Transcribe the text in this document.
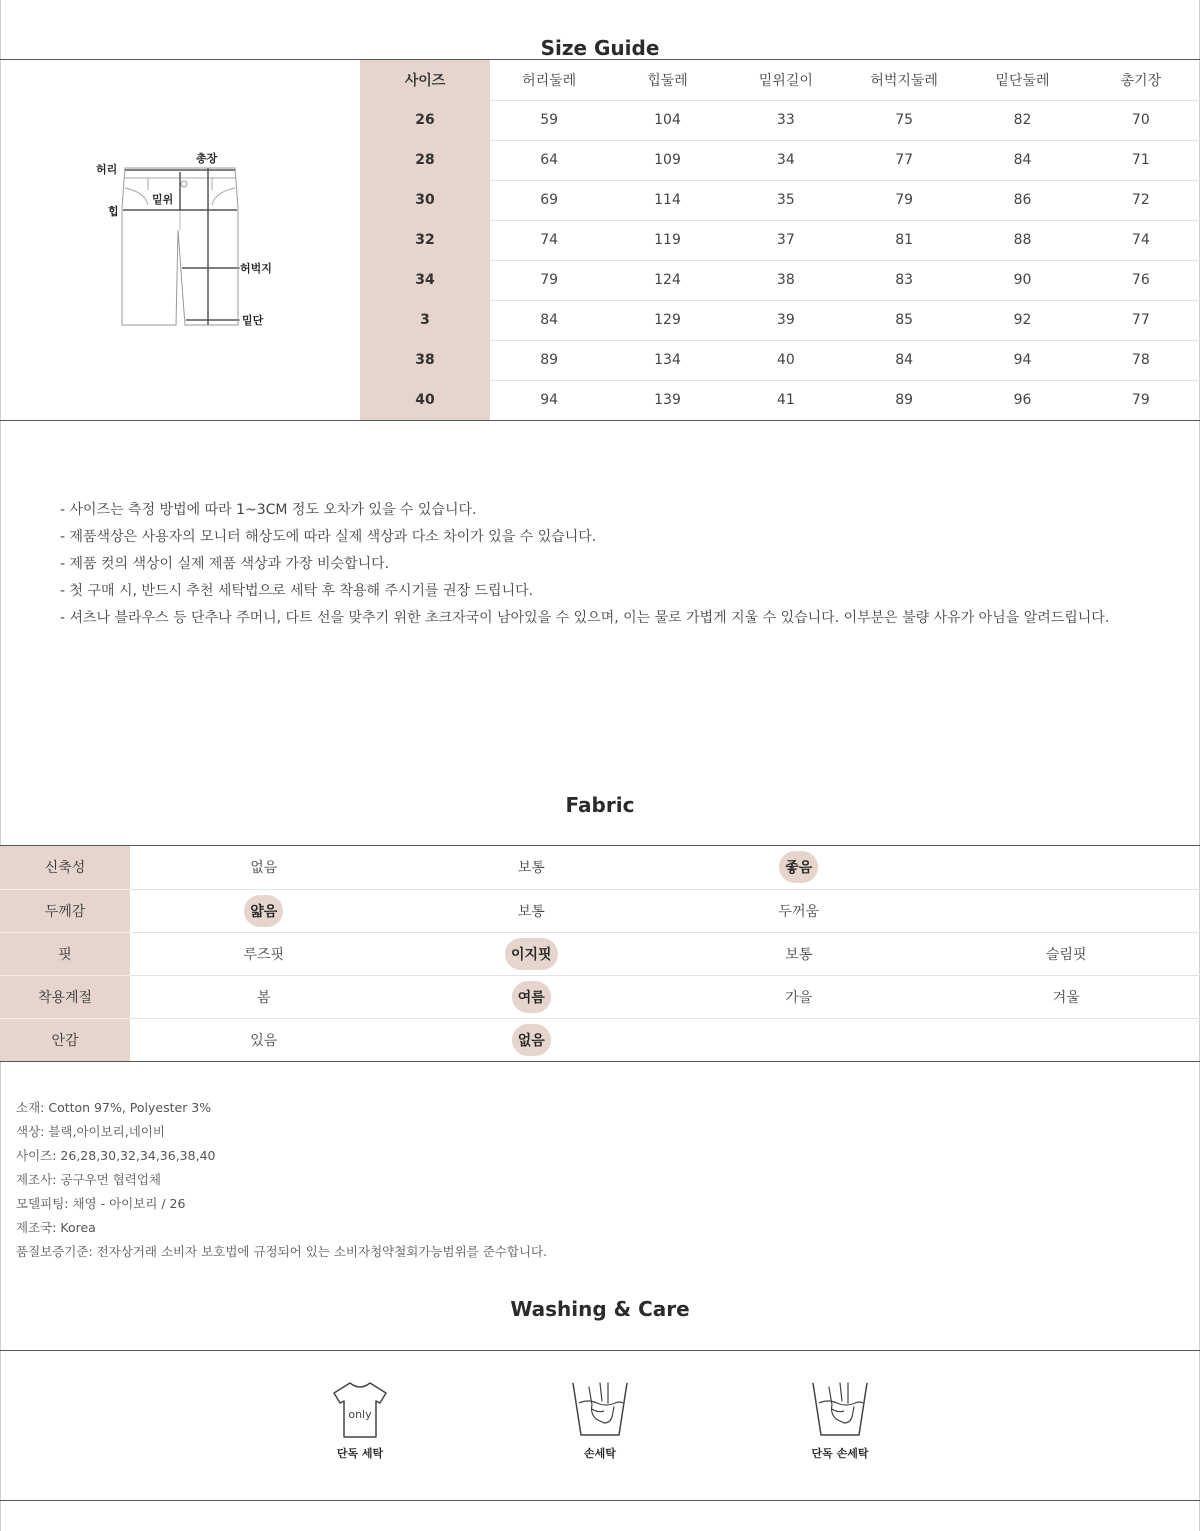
Size Guide
허리
총장
힙
밑위
허벅지
밑단
사이즈	허리둘레	힙둘레	밑위길이	허벅지둘레	밑단둘레	총기장
26	59	104	33	75	82	70
28	64	109	34	77	84	71
30	69	114	35	79	86	72
32	74	119	37	81	88	74
34	79	124	38	83	90	76
3	84	129	39	85	92	77
38	89	134	40	84	94	78
40	94	139	41	89	96	79
- 사이즈는 측정 방법에 따라 1~3CM 정도 오차가 있을 수 있습니다.
- 제품색상은 사용자의 모니터 해상도에 따라 실제 색상과 다소 차이가 있을 수 있습니다.
- 제품 컷의 색상이 실제 제품 색상과 가장 비슷합니다.
- 첫 구매 시, 반드시 추천 세탁법으로 세탁 후 착용해 주시기를 권장 드립니다.
- 셔츠나 블라우스 등 단추나 주머니, 다트 선을 맞추기 위한 초크자국이 남아있을 수 있으며, 이는 물로 가볍게 지울 수 있습니다. 이부분은 불량 사유가 아님을 알려드립니다.
Fabric
신축성	없음	보통	좋음	
두께감	얇음	보통	두꺼움	
핏	루즈핏	이지핏	보통	슬림핏
착용계절	봄	여름	가을	겨울
안감	있음	없음		
소재: Cotton 97%, Polyester 3%
색상: 블랙,아이보리,네이비
사이즈: 26,28,30,32,34,36,38,40
제조사: 공구우먼 협력업체
모델피팅: 채영 - 아이보리 / 26
제조국: Korea
품질보증기준: 전자상거래 소비자 보호법에 규정되어 있는 소비자청약철회가능범위를 준수합니다.
Washing & Care
only
단독 세탁	손세탁	단독 손세탁
